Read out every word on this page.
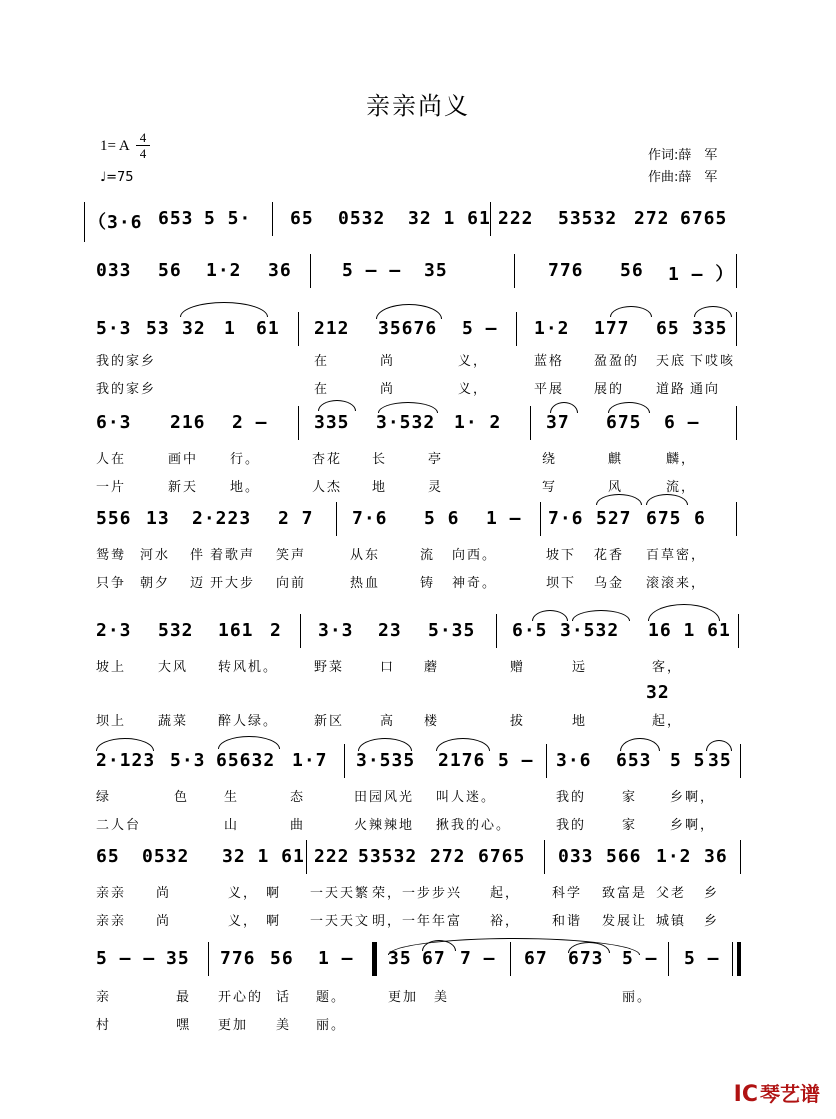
亲亲尚义
1= A
4
4
♩=75
作词:薛　军
作曲:薛　军
（3·6 653 5 5· 65 0532 32 1 61 222 53532 272 6765
033 56 1·2 36	5 — — 35	776 56 1 — ）
5·3 53 32 1 61 212 35676 5 — 1·2 177 65 335
我的家乡	在	尚	义，	蓝格 盈盈的 天底 下哎咳
我的家乡	在	尚	义，	平展 展的 道路 通向
6·3 216 2 —	335 3·532 1· 2 37 675 6 —
人在	画中 行。	杏花 长	亭	绕	麒	麟，
一片	新天 地。	人杰 地	灵	写	风	流，
556 13 2·223 2 7 7·6 5 6 1 — 7·6 527 675 6
鸳鸯 河水 伴 着歌声 笑声	从东	流 向西。	坡下 花香 百草密，
只争 朝夕 迈 开大步 向前	热血	铸 神奇。	坝下 乌金 滚滚来，
2·3 532 161 2 3·3 23 5·35 6·5 3·532 16 1 61
坡上 大风 转风机。	野菜	口 蘑	赠	远	客，
坝上 蔬菜 醉人绿。	新区	高 楼	拔	地	起，
32
2·123 5·3 65632 1·7 3·535 2176 5 — 3·6 653 5 5 35
绿	色	生	态	田园风光 叫人迷。	我的	家	乡啊，
二人台	山	曲	火辣辣地 揪我的心。	我的	家	乡啊，
65 0532 32 1 61 222 53532 272 6765 033 566 1·2 36
亲亲 尚	义， 啊 一天天繁 荣，一步步兴 起， 科学 致富是 父老 乡
亲亲 尚	义， 啊 一天天文 明，一年年富 裕， 和谐 发展让 城镇 乡
5 — — 35 776 56 1 — 35 67 7 — 67 673 5 — 5 —
亲	最 开心的 话 题。	更加 美	丽。
村	嘿 更加 美 丽。
ⅠⅭ 琴艺谱
